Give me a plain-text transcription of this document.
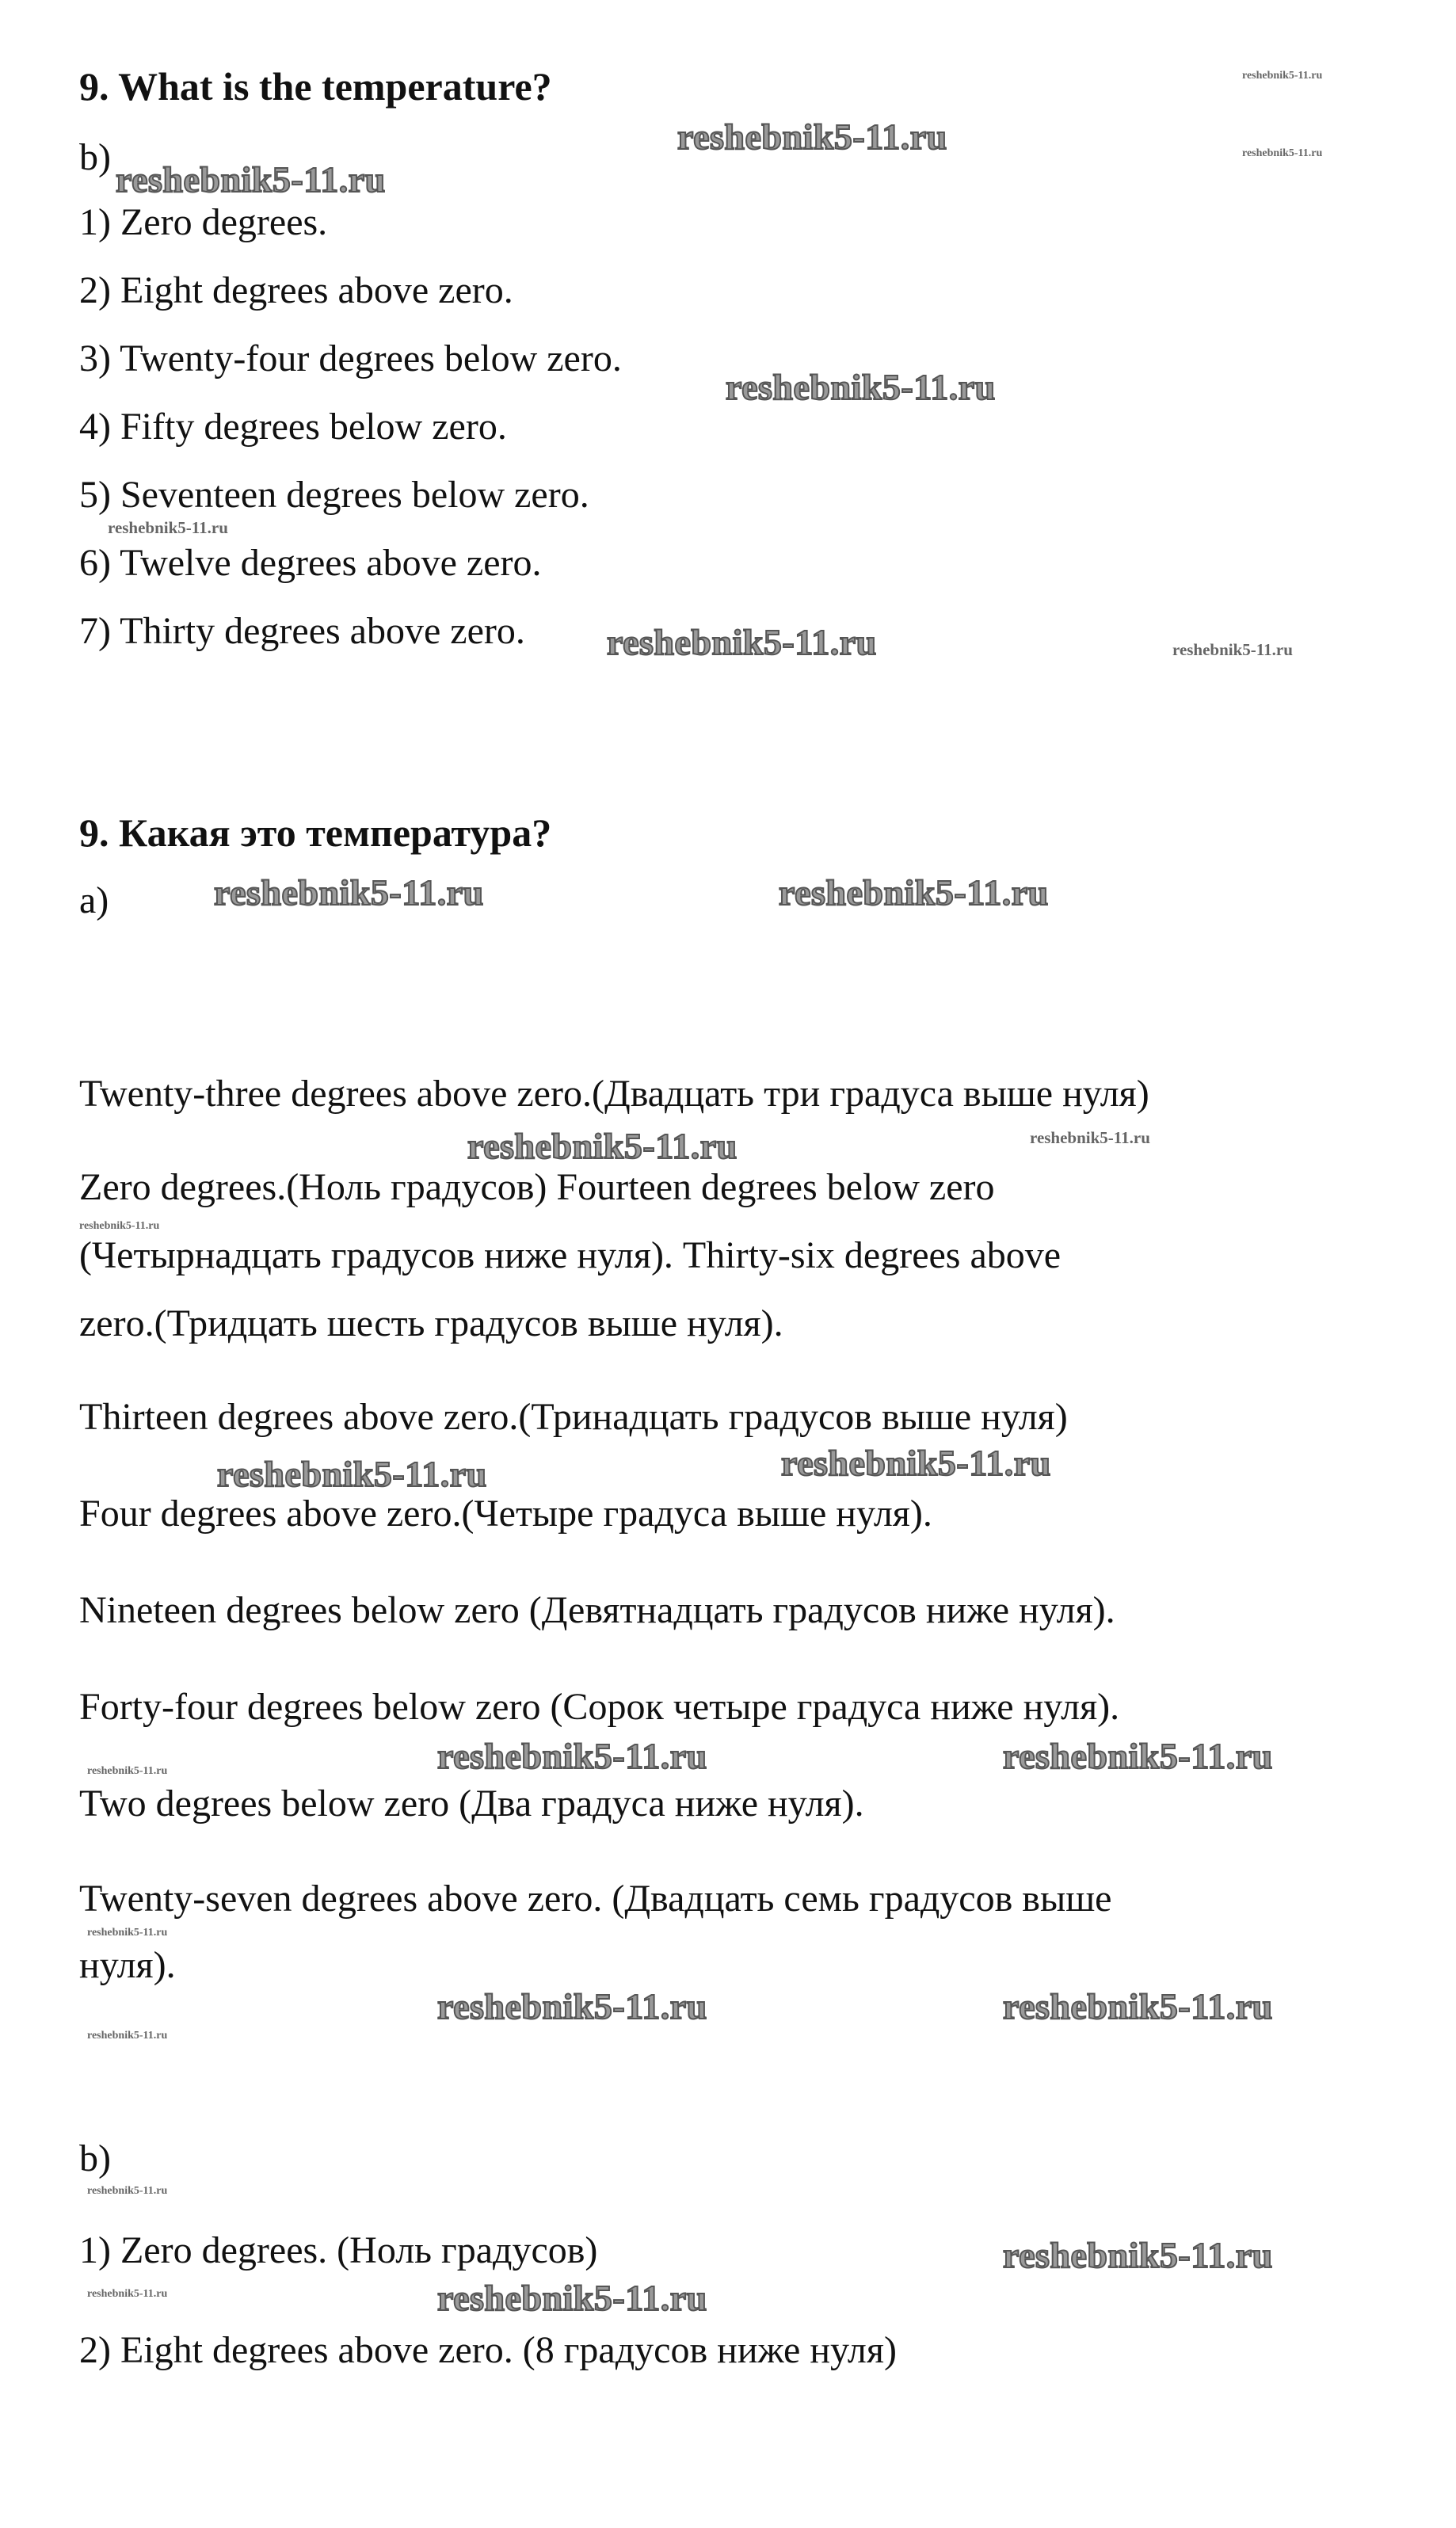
9. What is the temperature?
b)
1) Zero degrees.
2) Eight degrees above zero.
3) Twenty-four degrees below zero.
4) Fifty degrees below zero.
5) Seventeen degrees below zero.
6) Twelve degrees above zero.
7) Thirty degrees above zero.
9. Какая это температура?
а)
Twenty-three degrees above zero.(Двадцать три градуса выше нуля)
Zero degrees.(Ноль градусов) Fourteen degrees below zero
(Четырнадцать градусов ниже нуля). Thirty-six degrees above
zero.(Тридцать шесть градусов выше нуля).
Thirteen degrees above zero.(Тринадцать градусов выше нуля)
Four degrees above zero.(Четыре градуса выше нуля).
Nineteen degrees below zero (Девятнадцать градусов ниже нуля).
Forty-four degrees below zero (Сорок четыре градуса ниже нуля).
Two degrees below zero (Два градуса ниже нуля).
Twenty-seven degrees above zero. (Двадцать семь градусов выше
нуля).
b)
1) Zero degrees. (Ноль градусов)
2) Eight degrees above zero. (8 градусов ниже нуля)
reshebnik5-11.ru
reshebnik5-11.ru
reshebnik5-11.ru
reshebnik5-11.ru
reshebnik5-11.ru
reshebnik5-11.ru
reshebnik5-11.ru	reshebnik5-11.ru
reshebnik5-11.ru	reshebnik5-11.ru
reshebnik5-11.ru	reshebnik5-11.ru
reshebnik5-11.ru
reshebnik5-11.ru	reshebnik5-11.ru
reshebnik5-11.ru	reshebnik5-11.ru	reshebnik5-11.ru
reshebnik5-11.ru
reshebnik5-11.ru	reshebnik5-11.ru
reshebnik5-11.ru
reshebnik5-11.ru
reshebnik5-11.ru
reshebnik5-11.ru	reshebnik5-11.ru
